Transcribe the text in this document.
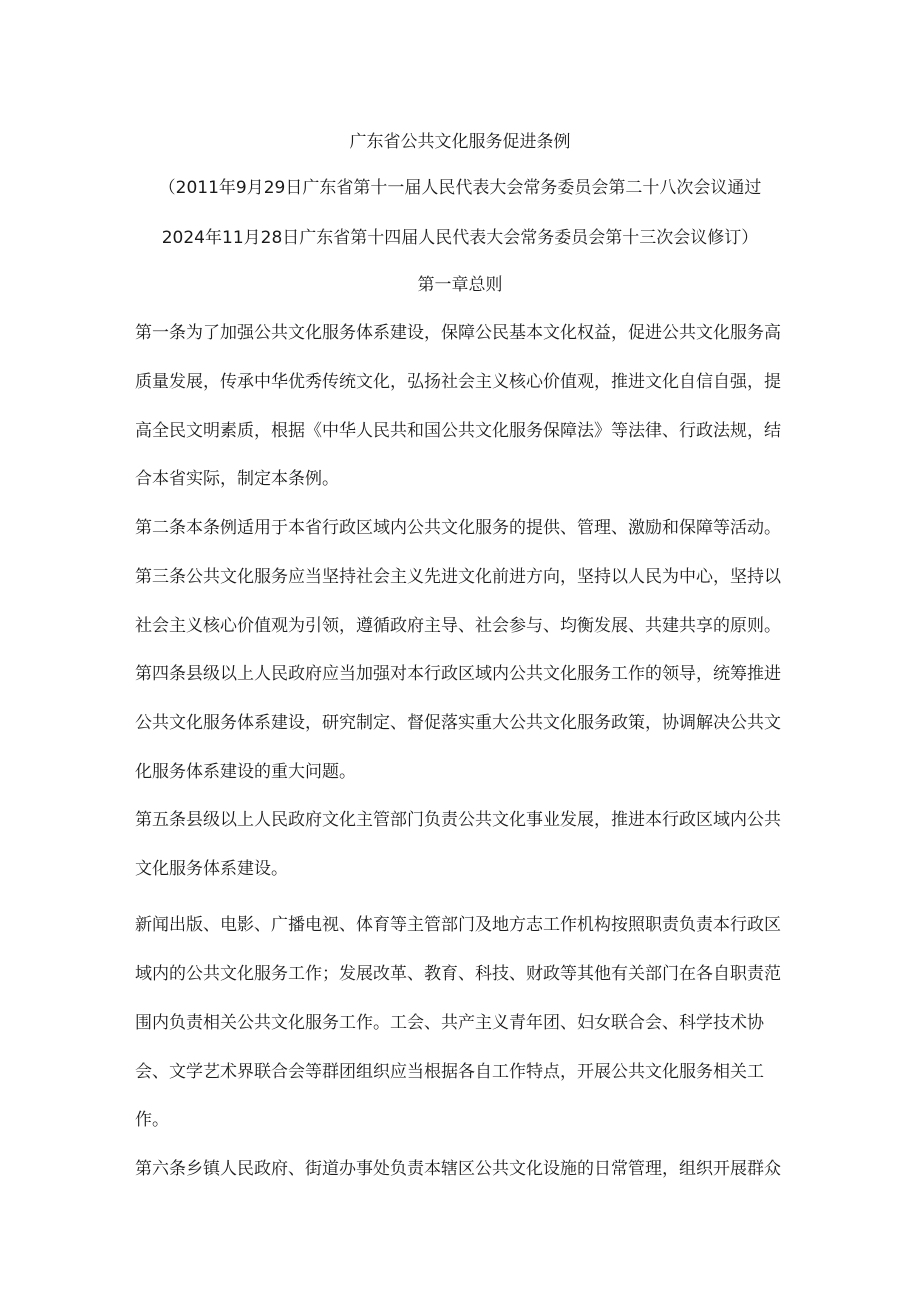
广东省公共文化服务促进条例
（2011年9月29日广东省第十一届人民代表大会常务委员会第二十八次会议通过
2024年11月28日广东省第十四届人民代表大会常务委员会第十三次会议修订）
第一章总则
第一条为了加强公共文化服务体系建设，保障公民基本文化权益，促进公共文化服务高
质量发展，传承中华优秀传统文化，弘扬社会主义核心价值观，推进文化自信自强，提
高全民文明素质，根据《中华人民共和国公共文化服务保障法》等法律、行政法规，结
合本省实际，制定本条例。
第二条本条例适用于本省行政区域内公共文化服务的提供、管理、激励和保障等活动。
第三条公共文化服务应当坚持社会主义先进文化前进方向，坚持以人民为中心，坚持以
社会主义核心价值观为引领，遵循政府主导、社会参与、均衡发展、共建共享的原则。
第四条县级以上人民政府应当加强对本行政区域内公共文化服务工作的领导，统筹推进
公共文化服务体系建设，研究制定、督促落实重大公共文化服务政策，协调解决公共文
化服务体系建设的重大问题。
第五条县级以上人民政府文化主管部门负责公共文化事业发展，推进本行政区域内公共
文化服务体系建设。
新闻出版、电影、广播电视、体育等主管部门及地方志工作机构按照职责负责本行政区
域内的公共文化服务工作；发展改革、教育、科技、财政等其他有关部门在各自职责范
围内负责相关公共文化服务工作。工会、共产主义青年团、妇女联合会、科学技术协
会、文学艺术界联合会等群团组织应当根据各自工作特点，开展公共文化服务相关工
作。
第六条乡镇人民政府、街道办事处负责本辖区公共文化设施的日常管理，组织开展群众
